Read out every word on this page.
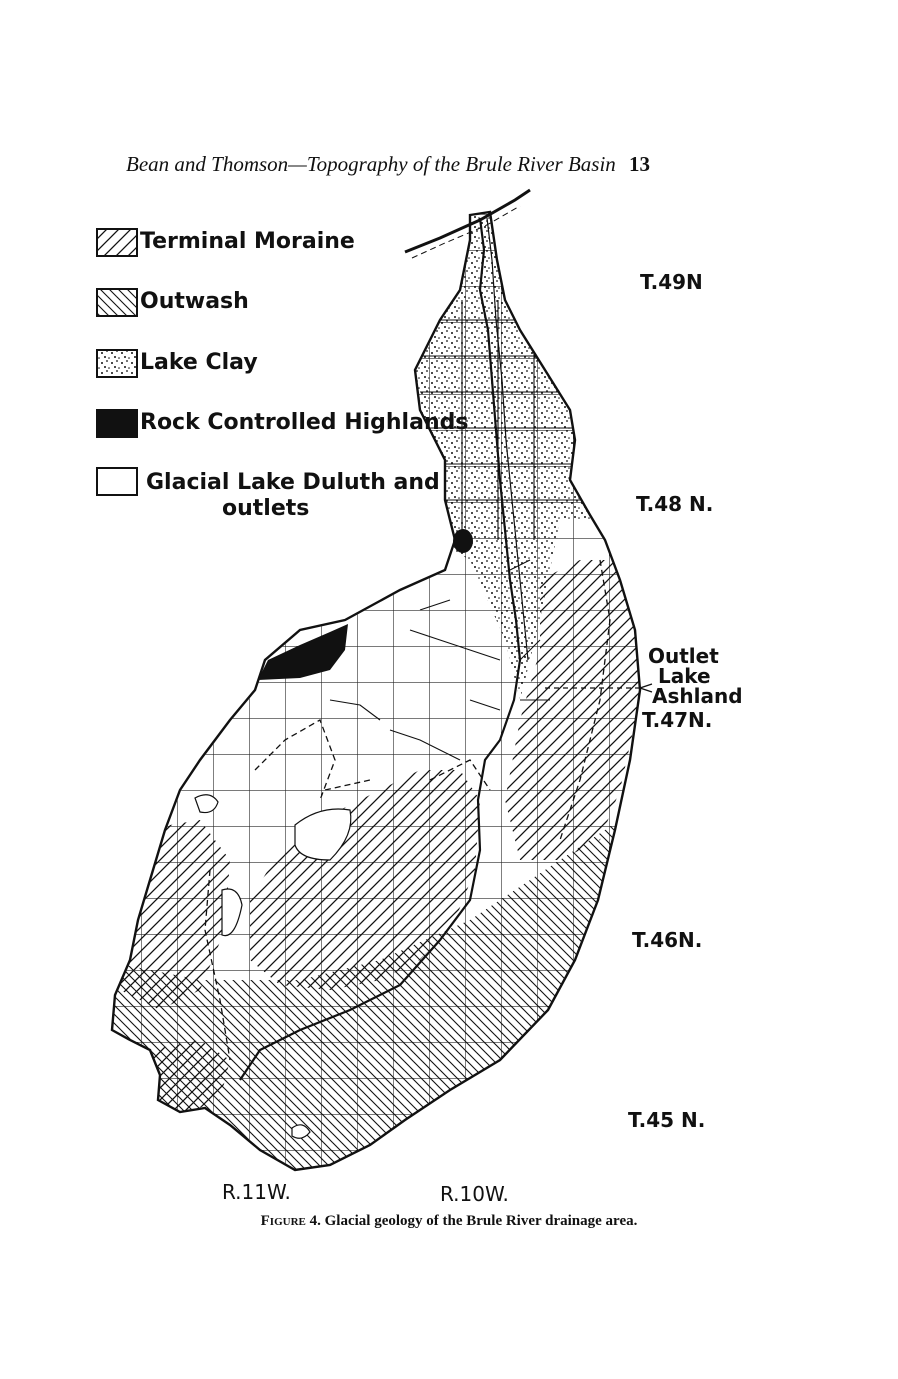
Bean and Thomson—Topography of the Brule River Basin 13
Terminal Moraine
Outwash
Lake Clay
Rock Controlled Highlands
Glacial Lake Duluth and
outlets
T.49N
T.48 N.
T.47N.
T.46N.
T.45 N.
Outlet
Lake
Ashland
R.11W.	R.10W.
Figure 4. Glacial geology of the Brule River drainage area.
